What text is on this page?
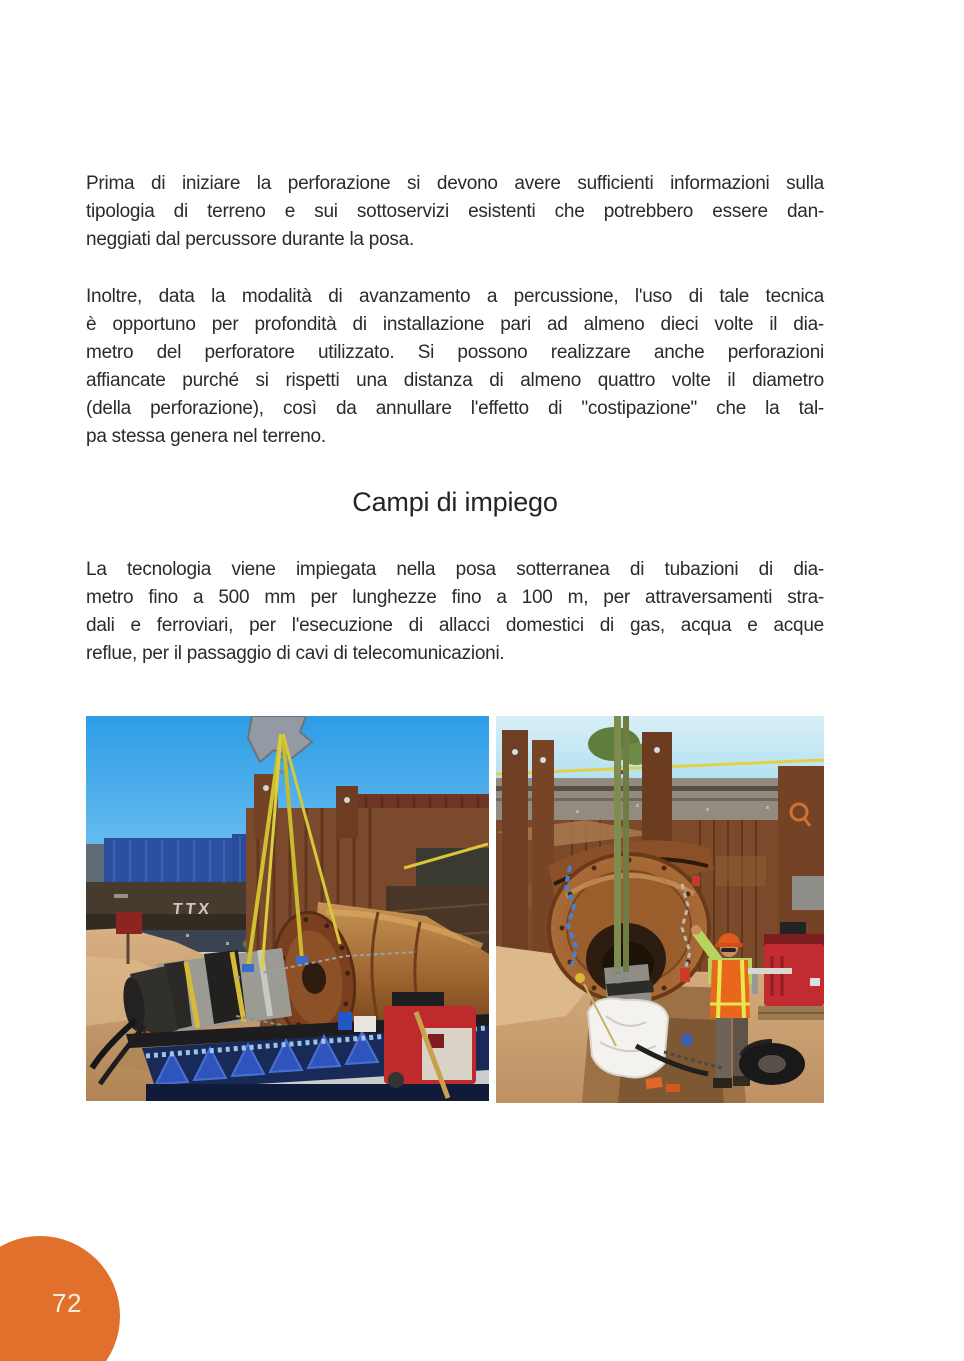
Prima di iniziare la perforazione si devono avere sufficienti informazioni sulla
tipologia di terreno e sui sottoservizi esistenti che potrebbero essere dan-
neggiati dal percussore durante la posa.
Inoltre, data la modalità di avanzamento a percussione, l'uso di tale tecnica
è opportuno per profondità di installazione pari ad almeno dieci volte il dia-
metro del perforatore utilizzato. Si possono realizzare anche perforazioni
affiancate purché si rispetti una distanza di almeno quattro volte il diametro
(della perforazione), così da annullare l'effetto di "costipazione" che la tal-
pa stessa genera nel terreno.
Campi di impiego
La tecnologia viene impiegata nella posa sotterranea di tubazioni di dia-
metro fino a 500 mm per lunghezze fino a 100 m, per attraversamenti stra-
dali e ferroviari, per l'esecuzione di allacci domestici di gas, acqua e acque
reflue, per il passaggio di cavi di telecomunicazioni.
TTX
72
